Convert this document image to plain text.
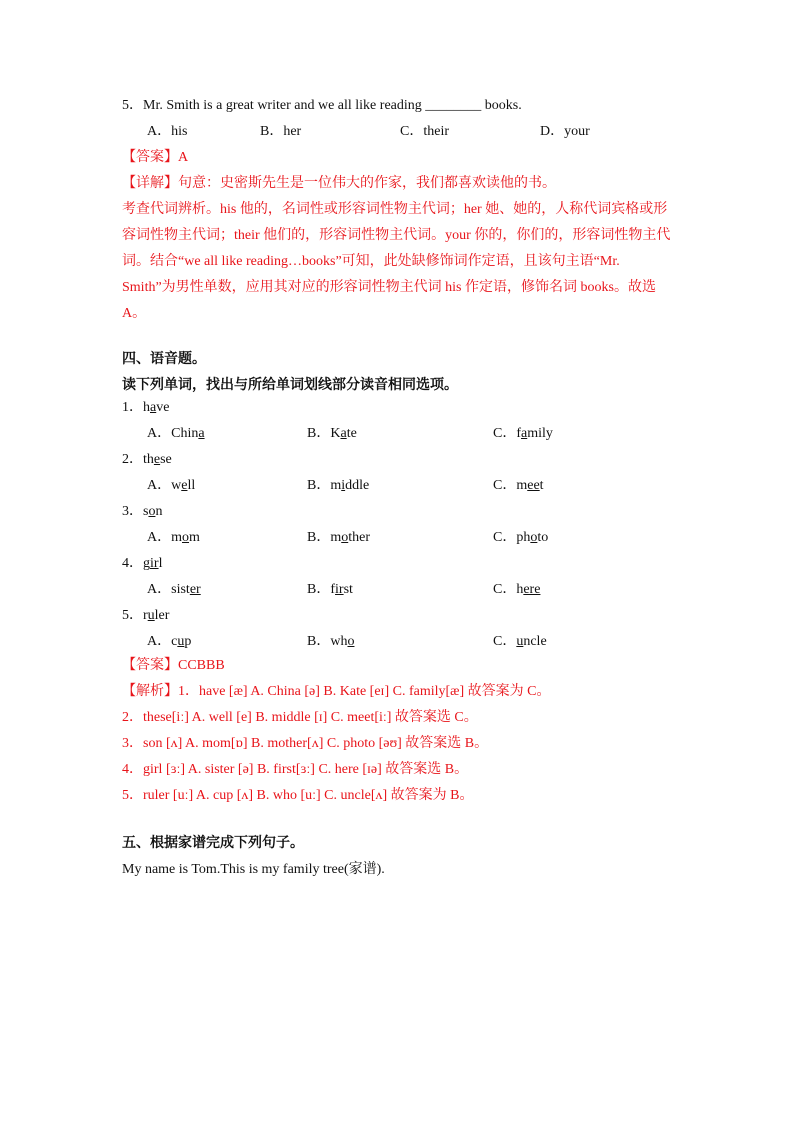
5．Mr. Smith is a great writer and we all like reading ________ books.
A．his	B．her	C．their	D．your
【答案】A
【详解】句意：史密斯先生是一位伟大的作家，我们都喜欢读他的书。
考查代词辨析。his 他的，名词性或形容词性物主代词；her 她、她的，人称代词宾格或形
容词性物主代词；their 他们的，形容词性物主代词。your 你的，你们的，形容词性物主代
词。结合“we all like reading…books”可知，此处缺修饰词作定语，且该句主语“Mr.
Smith”为男性单数，应用其对应的形容词性物主代词 his 作定语，修饰名词 books。故选
A。
四、语音题。
读下列单词，找出与所给单词划线部分读音相同选项。
1．have
A．China	B．Kate	C．family
2．these
A．well	B．middle	C．meet
3．son
A．mom	B．mother	C．photo
4．girl
A．sister	B．first	C．here
5．ruler
A．cup	B．who	C．uncle
【答案】CCBBB
【解析】1．have [æ] A. China [ə] B. Kate [eɪ] C. family[æ] 故答案为 C。
2．these[iː] A. well [e] B. middle [ɪ] C. meet[iː] 故答案选 C。
3．son [ʌ] A. mom[ɒ] B. mother[ʌ] C. photo [əʊ] 故答案选 B。
4．girl [ɜː] A. sister [ə] B. first[ɜː] C. here [ɪə] 故答案选 B。
5．ruler [uː] A. cup [ʌ] B. who [uː] C. uncle[ʌ] 故答案为 B。
五、根据家谱完成下列句子。
My name is Tom.This is my family tree(家谱).
